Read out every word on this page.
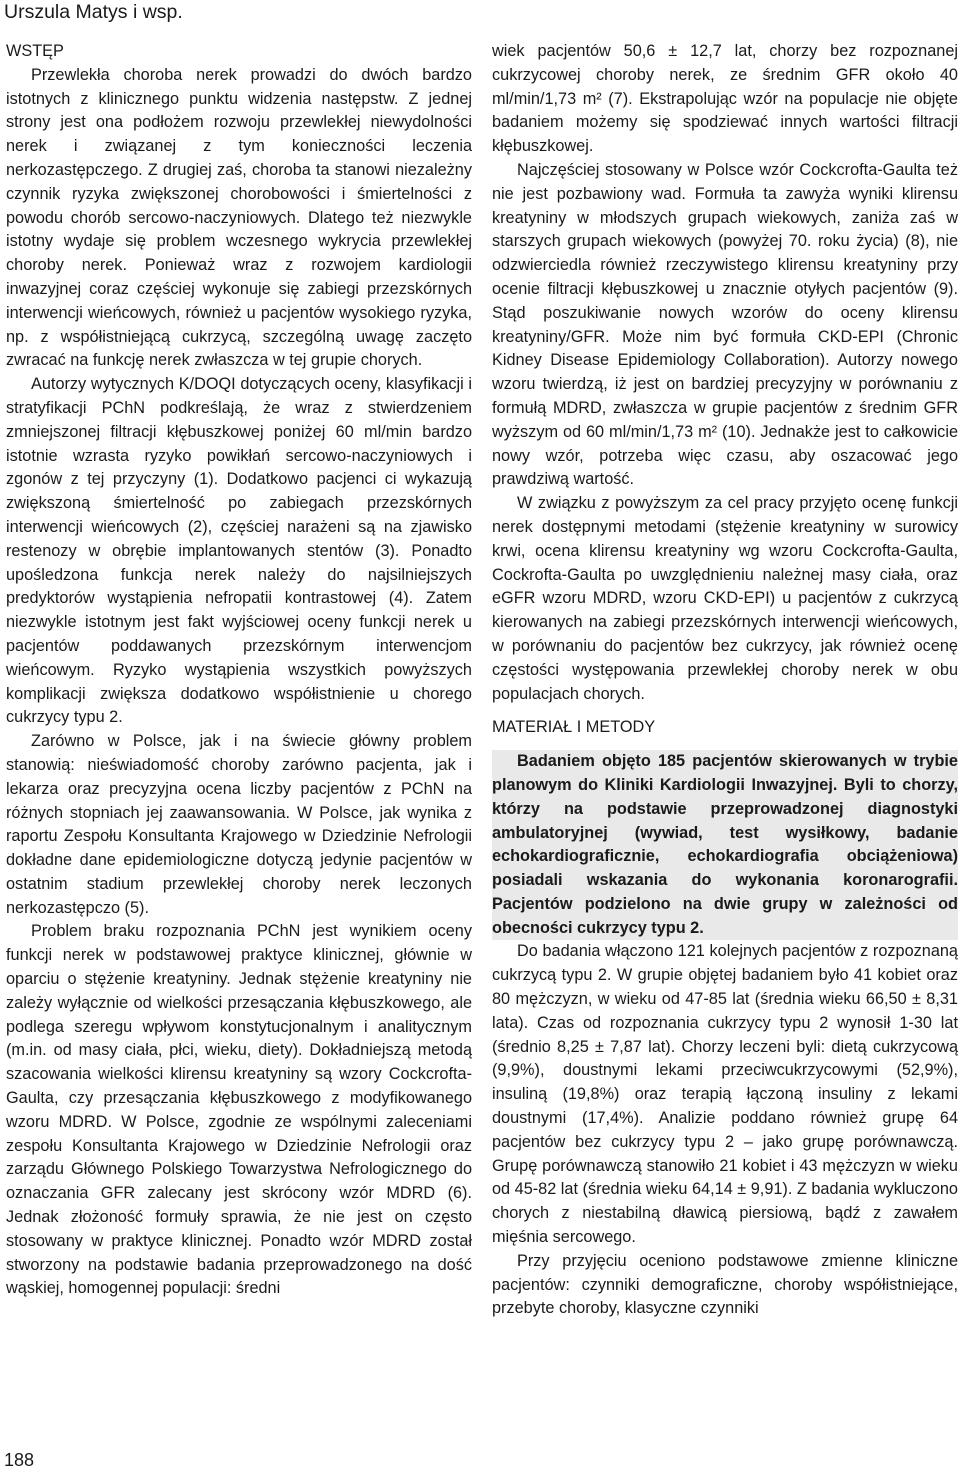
Urszula Matys i wsp.
WSTĘP

Przewlekła choroba nerek prowadzi do dwóch bardzo istotnych z klinicznego punktu widzenia następstw. Z jednej strony jest ona podłożem rozwoju przewlekłej niewydolności nerek i związanej z tym konieczności leczenia nerkozastępczego. Z drugiej zaś, choroba ta stanowi niezależny czynnik ryzyka zwiększonej chorobowości i śmiertelności z powodu chorób sercowo-naczyniowych. Dlatego też niezwykle istotny wydaje się problem wczesnego wykrycia przewlekłej choroby nerek. Ponieważ wraz z rozwojem kardiologii inwazyjnej coraz częściej wykonuje się zabiegi przezskórnych interwencji wieńcowych, również u pacjentów wysokiego ryzyka, np. z współistniejącą cukrzycą, szczególną uwagę zaczęto zwracać na funkcję nerek zwłaszcza w tej grupie chorych.

Autorzy wytycznych K/DOQI dotyczących oceny, klasyfikacji i stratyfikacji PChN podkreślają, że wraz z stwierdzeniem zmniejszonej filtracji kłębuszkowej poniżej 60 ml/min bardzo istotnie wzrasta ryzyko powikłań sercowo-naczyniowych i zgonów z tej przyczyny (1). Dodatkowo pacjenci ci wykazują zwiększoną śmiertelność po zabiegach przezskórnych interwencji wieńcowych (2), częściej narażeni są na zjawisko restenozy w obrębie implantowanych stentów (3). Ponadto upośledzona funkcja nerek należy do najsilniejszych predyktorów wystąpienia nefropatii kontrastowej (4). Zatem niezwykle istotnym jest fakt wyjściowej oceny funkcji nerek u pacjentów poddawanych przezskórnym interwencjom wieńcowym. Ryzyko wystąpienia wszystkich powyższych komplikacji zwiększa dodatkowo współistnienie u chorego cukrzycy typu 2.

Zarówno w Polsce, jak i na świecie główny problem stanowią: nieświadomość choroby zarówno pacjenta, jak i lekarza oraz precyzyjna ocena liczby pacjentów z PChN na różnych stopniach jej zaawansowania. W Polsce, jak wynika z raportu Zespołu Konsultanta Krajowego w Dziedzinie Nefrologii dokładne dane epidemiologiczne dotyczą jedynie pacjentów w ostatnim stadium przewlekłej choroby nerek leczonych nerkozastępczo (5).

Problem braku rozpoznania PChN jest wynikiem oceny funkcji nerek w podstawowej praktyce klinicznej, głównie w oparciu o stężenie kreatyniny. Jednak stężenie kreatyniny nie zależy wyłącznie od wielkości przesączania kłębuszkowego, ale podlega szeregu wpływom konstytucjonalnym i analitycznym (m.in. od masy ciała, płci, wieku, diety). Dokładniejszą metodą szacowania wielkości klirensu kreatyniny są wzory Cockcrofta-Gaulta, czy przesączania kłębuszkowego z modyfikowanego wzoru MDRD. W Polsce, zgodnie ze wspólnymi zaleceniami zespołu Konsultanta Krajowego w Dziedzinie Nefrologii oraz zarządu Głównego Polskiego Towarzystwa Nefrologicznego do oznaczania GFR zalecany jest skrócony wzór MDRD (6). Jednak złożoność formuły sprawia, że nie jest on często stosowany w praktyce klinicznej. Ponadto wzór MDRD został stworzony na podstawie badania przeprowadzonego na dość wąskiej, homogennej populacji: średni

wiek pacjentów 50,6 ± 12,7 lat, chorzy bez rozpoznanej cukrzycowej choroby nerek, ze średnim GFR około 40 ml/min/1,73 m² (7). Ekstrapolując wzór na populacje nie objęte badaniem możemy się spodziewać innych wartości filtracji kłębuszkowej.

Najczęściej stosowany w Polsce wzór Cockcrofta-Gaulta też nie jest pozbawiony wad. Formuła ta zawyża wyniki klirensu kreatyniny w młodszych grupach wiekowych, zaniża zaś w starszych grupach wiekowych (powyżej 70. roku życia) (8), nie odzwierciedla również rzeczywistego klirensu kreatyniny przy ocenie filtracji kłębuszkowej u znacznie otyłych pacjentów (9). Stąd poszukiwanie nowych wzorów do oceny klirensu kreatyniny/GFR. Może nim być formuła CKD-EPI (Chronic Kidney Disease Epidemiology Collaboration). Autorzy nowego wzoru twierdzą, iż jest on bardziej precyzyjny w porównaniu z formułą MDRD, zwłaszcza w grupie pacjentów z średnim GFR wyższym od 60 ml/min/1,73 m² (10). Jednakże jest to całkowicie nowy wzór, potrzeba więc czasu, aby oszacować jego prawdziwą wartość.

W związku z powyższym za cel pracy przyjęto ocenę funkcji nerek dostępnymi metodami (stężenie kreatyniny w surowicy krwi, ocena klirensu kreatyniny wg wzoru Cockcrofta-Gaulta, Cockrofta-Gaulta po uwzględnieniu należnej masy ciała, oraz eGFR wzoru MDRD, wzoru CKD-EPI) u pacjentów z cukrzycą kierowanych na zabiegi przezskórnych interwencji wieńcowych, w porównaniu do pacjentów bez cukrzycy, jak również ocenę częstości występowania przewlekłej choroby nerek w obu populacjach chorych.

MATERIAŁ I METODY

Badaniem objęto 185 pacjentów skierowanych w trybie planowym do Kliniki Kardiologii Inwazyjnej. Byli to chorzy, którzy na podstawie przeprowadzonej diagnostyki ambulatoryjnej (wywiad, test wysiłkowy, badanie echokardiograficznie, echokardiografia obciążeniowa) posiadali wskazania do wykonania koronarografii. Pacjentów podzielono na dwie grupy w zależności od obecności cukrzycy typu 2.

Do badania włączono 121 kolejnych pacjentów z rozpoznaną cukrzycą typu 2. W grupie objętej badaniem było 41 kobiet oraz 80 mężczyzn, w wieku od 47-85 lat (średnia wieku 66,50 ± 8,31 lata). Czas od rozpoznania cukrzycy typu 2 wynosił 1-30 lat (średnio 8,25 ± 7,87 lat). Chorzy leczeni byli: dietą cukrzycową (9,9%), doustnymi lekami przeciwcukrzycowymi (52,9%), insuliną (19,8%) oraz terapią łączoną insuliny z lekami doustnymi (17,4%). Analizie poddano również grupę 64 pacjentów bez cukrzycy typu 2 – jako grupę porównawczą. Grupę porównawczą stanowiło 21 kobiet i 43 mężczyzn w wieku od 45-82 lat (średnia wieku 64,14 ± 9,91). Z badania wykluczono chorych z niestabilną dławicą piersiową, bądź z zawałem mięśnia sercowego.

Przy przyjęciu oceniono podstawowe zmienne kliniczne pacjentów: czynniki demograficzne, choroby współistniejące, przebyte choroby, klasyczne czynniki

188
